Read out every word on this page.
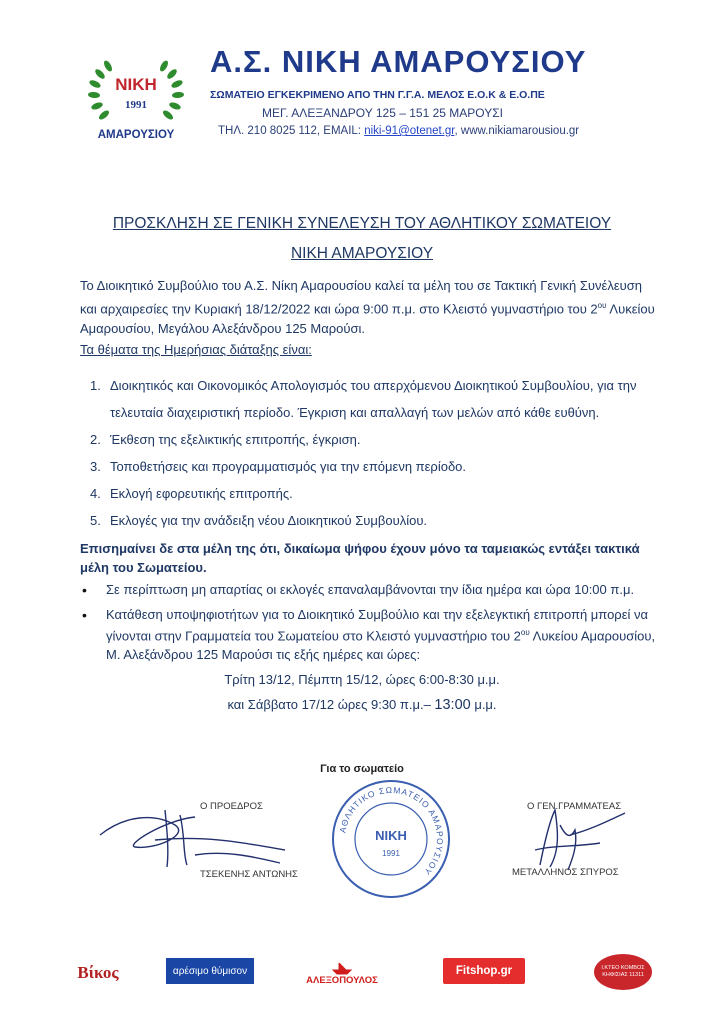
ΝΙΚΗ
1991
ΑΜΑΡΟΥΣΙΟΥ
Α.Σ. ΝΙΚΗ ΑΜΑΡΟΥΣΙΟΥ
ΣΩΜΑΤΕΙΟ ΕΓΚΕΚΡΙΜΕΝΟ ΑΠΟ ΤΗΝ Γ.Γ.Α. ΜΕΛΟΣ Ε.Ο.Κ & Ε.Ο.ΠΕ
ΜΕΓ. ΑΛΕΞΑΝΔΡΟΥ 125 – 151 25 ΜΑΡΟΥΣΙ
ΤΗΛ. 210 8025 112, EMAIL: niki-91@otenet.gr, www.nikiamarousiou.gr
ΠΡΟΣΚΛΗΣΗ ΣΕ ΓΕΝΙΚΗ ΣΥΝΕΛΕΥΣΗ ΤΟΥ ΑΘΛΗΤΙΚΟΥ ΣΩΜΑΤΕΙΟΥ
ΝΙΚΗ ΑΜΑΡΟΥΣΙΟΥ
Το Διοικητικό Συμβούλιο του Α.Σ. Νίκη Αμαρουσίου καλεί τα μέλη του σε Τακτική Γενική Συνέλευση και αρχαιρεσίες την Κυριακή 18/12/2022 και ώρα 9:00 π.μ. στο Κλειστό γυμναστήριο του $2^{o\upsilon}$ Λυκείου Αμαρουσίου, Μεγάλου Αλεξάνδρου 125 Μαρούσι.
Τα θέματα της Ημερήσιας διάταξης είναι:
1. Διοικητικός και Οικονομικός Απολογισμός του απερχόμενου Διοικητικού Συμβουλίου, για την τελευταία διαχειριστική περίοδο. Έγκριση και απαλλαγή των μελών από κάθε ευθύνη.
2. Έκθεση της εξελικτικής επιτροπής, έγκριση.
3. Τοποθετήσεις και προγραμματισμός για την επόμενη περίοδο.
4. Εκλογή εφορευτικής επιτροπής.
5. Εκλογές για την ανάδειξη νέου Διοικητικού Συμβουλίου.
Επισημαίνει δε στα μέλη της ότι, δικαίωμα ψήφου έχουν μόνο τα ταμειακώς εντάξει τακτικά μέλη του Σωματείου.
• Σε περίπτωση μη απαρτίας οι εκλογές επαναλαμβάνονται την ίδια ημέρα και ώρα 10:00 π.μ.
• Κατάθεση υποψηφιοτήτων για το Διοικητικό Συμβούλιο και την εξελεγκτική επιτροπή μπορεί να γίνονται στην Γραμματεία του Σωματείου στο Κλειστό γυμναστήριο του $2^{o\upsilon}$ Λυκείου Αμαρουσίου, Μ. Αλεξάνδρου 125 Μαρούσι τις εξής ημέρες και ώρες:
Τρίτη 13/12, Πέμπτη 15/12, ώρες 6:00-8:30 μ.μ.
και Σάββατο 17/12 ώρες 9:30 π.μ.– 13:00 μ.μ.
Για το σωματείο
Ο ΠΡΟΕΔΡΟΣ
ΤΣΕΚΕΝΗΣ ΑΝΤΩΝΗΣ
ΑΘΛΗΤΙΚΟ ΣΩΜΑΤΕΙΟ ΑΜΑΡΟΥΣΙΟΥ
ΝΙΚΗ
1991
Ο ΓΕΝ.ΓΡΑΜΜΑΤΕΑΣ
ΜΕΤΑΛΛΗΝΟΣ ΣΠΥΡΟΣ
Βίκος	αρέσιμο θύμισον
ΑΛΕΞΟΠΟΥΛΟΣ
Fitshop.gr	Ι.ΚΤΕΟ ΚΟΜΒΟΣ ΚΗΦΙΣΙΑΣ 11311
